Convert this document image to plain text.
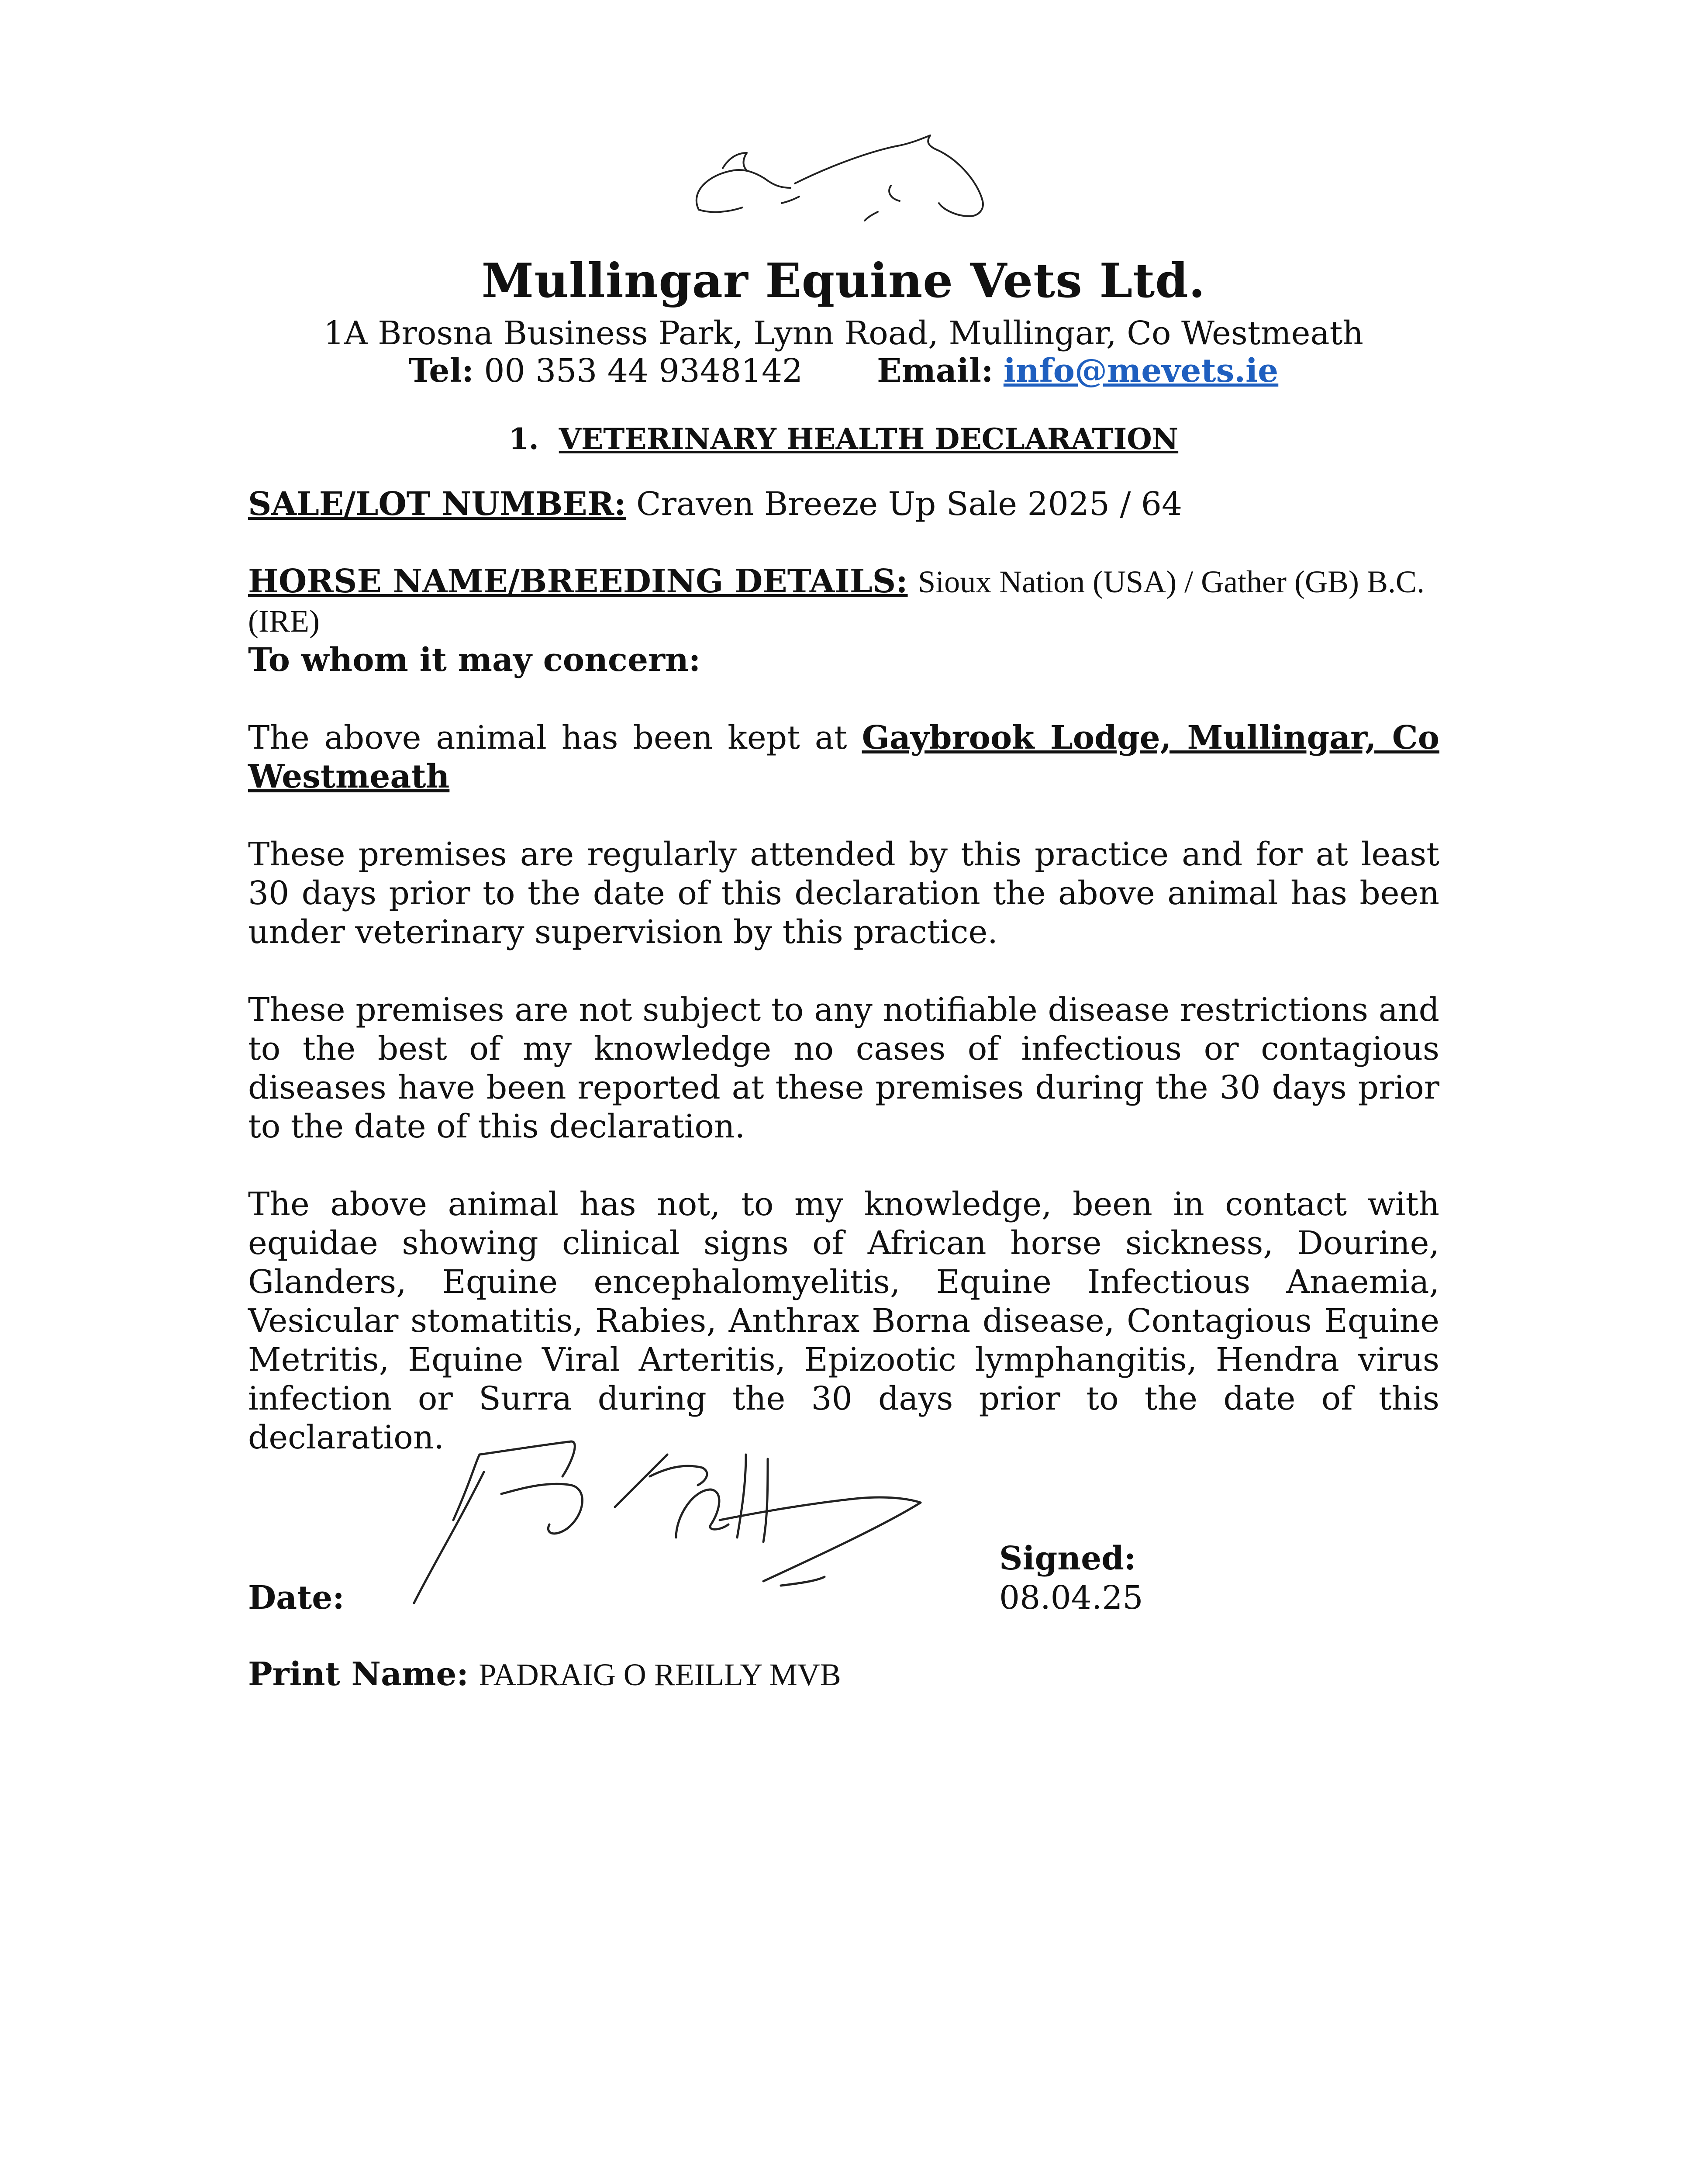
Mullingar Equine Vets Ltd.
1A Brosna Business Park, Lynn Road, Mullingar, Co Westmeath
Tel: 00 353 44 9348142 Email: info@mevets.ie
1. VETERINARY HEALTH DECLARATION

SALE/LOT NUMBER: Craven Breeze Up Sale 2025 / 64

HORSE NAME/BREEDING DETAILS: Sioux Nation (USA) / Gather (GB) B.C. (IRE)

To whom it may concern:

The above animal has been kept at Gaybrook Lodge, Mullingar, Co Westmeath

These premises are regularly attended by this practice and for at least 30 days prior to the date of this declaration the above animal has been under veterinary supervision by this practice.

These premises are not subject to any notifiable disease restrictions and to the best of my knowledge no cases of infectious or contagious diseases have been reported at these premises during the 30 days prior to the date of this declaration.

The above animal has not, to my knowledge, been in contact with equidae showing clinical signs of African horse sickness, Dourine, Glanders, Equine encephalomyelitis, Equine Infectious Anaemia, Vesicular stomatitis, Rabies, Anthrax Borna disease, Contagious Equine Metritis, Equine Viral Arteritis, Epizootic lymphangitis, Hendra virus infection or Surra during the 30 days prior to the date of this declaration.

Date:
Signed:
08.04.25
Print Name: PADRAIG O REILLY MVB
